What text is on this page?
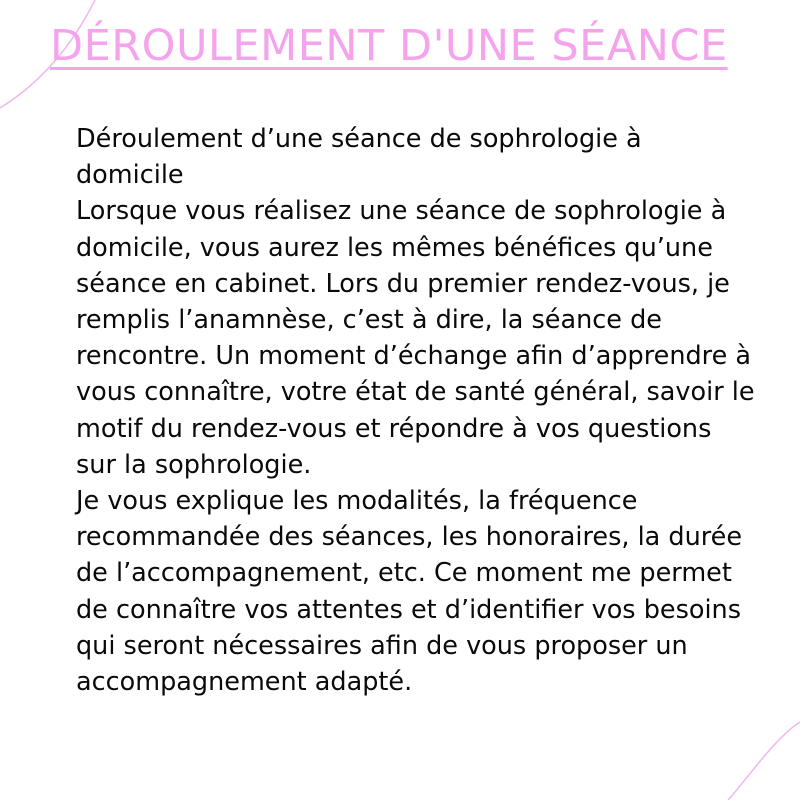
DÉROULEMENT D'UNE SÉANCE

Déroulement d’une séance de sophrologie à domicile

Lorsque vous réalisez une séance de sophrologie à domicile, vous aurez les mêmes bénéfices qu’une séance en cabinet. Lors du premier rendez-vous, je remplis l’anamnèse, c’est à dire, la séance de rencontre. Un moment d’échange afin d’apprendre à vous connaître, votre état de santé général, savoir le motif du rendez-vous et répondre à vos questions sur la sophrologie.

Je vous explique les modalités, la fréquence recommandée des séances, les honoraires, la durée de l’accompagnement, etc. Ce moment me permet de connaître vos attentes et d’identifier vos besoins qui seront nécessaires afin de vous proposer un accompagnement adapté.
